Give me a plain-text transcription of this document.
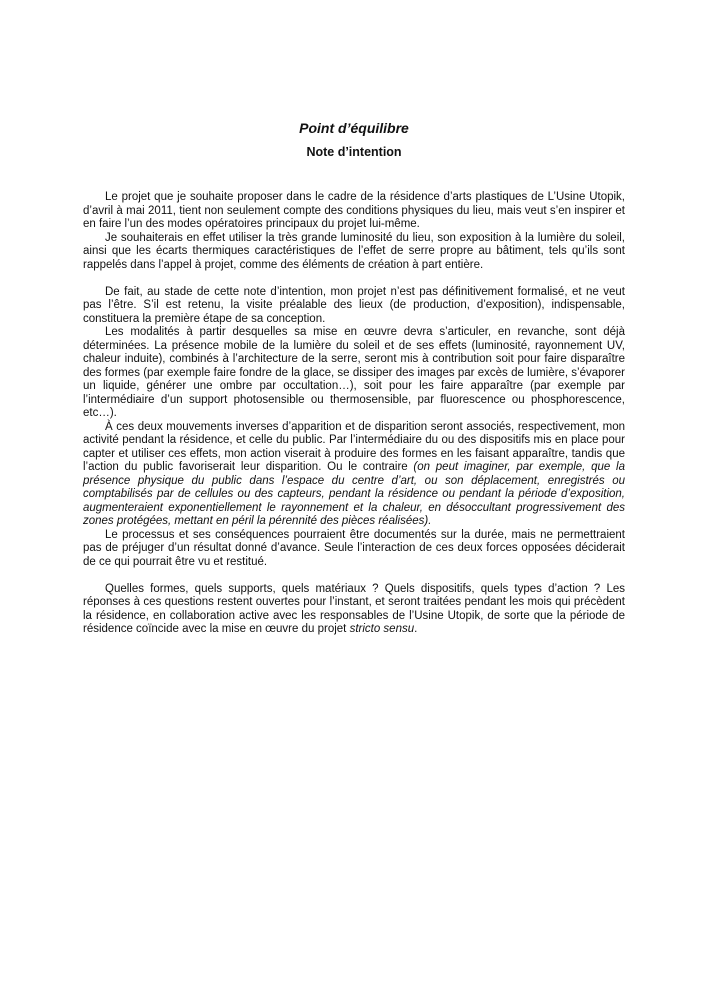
Point d’équilibre
Note d’intention

Le projet que je souhaite proposer dans le cadre de la résidence d’arts plastiques de L’Usine Utopik, d’avril à mai 2011, tient non seulement compte des conditions physiques du lieu, mais veut s’en inspirer et en faire l’un des modes opératoires principaux du projet lui-même.

Je souhaiterais en effet utiliser la très grande luminosité du lieu, son exposition à la lumière du soleil, ainsi que les écarts thermiques caractéristiques de l’effet de serre propre au bâtiment, tels qu’ils sont rappelés dans l’appel à projet, comme des éléments de création à part entière.

De fait, au stade de cette note d’intention, mon projet n’est pas définitivement formalisé, et ne veut pas l’être. S’il est retenu, la visite préalable des lieux (de production, d’exposition), indispensable, constituera la première étape de sa conception.

Les modalités à partir desquelles sa mise en œuvre devra s’articuler, en revanche, sont déjà déterminées. La présence mobile de la lumière du soleil et de ses effets (luminosité, rayonnement UV, chaleur induite), combinés à l’architecture de la serre, seront mis à contribution soit pour faire disparaître des formes (par exemple faire fondre de la glace, se dissiper des images par excès de lumière, s’évaporer un liquide, générer une ombre par occultation…), soit pour les faire apparaître (par exemple par l’intermédiaire d’un support photosensible ou thermosensible, par fluorescence ou phosphorescence, etc…).

À ces deux mouvements inverses d’apparition et de disparition seront associés, respectivement, mon activité pendant la résidence, et celle du public. Par l’intermédiaire du ou des dispositifs mis en place pour capter et utiliser ces effets, mon action viserait à produire des formes en les faisant apparaître, tandis que l’action du public favoriserait leur disparition. Ou le contraire (on peut imaginer, par exemple, que la présence physique du public dans l’espace du centre d’art, ou son déplacement, enregistrés ou comptabilisés par de cellules ou des capteurs, pendant la résidence ou pendant la période d’exposition, augmenteraient exponentiellement le rayonnement et la chaleur, en désoccultant progressivement des zones protégées, mettant en péril la pérennité des pièces réalisées).

Le processus et ses conséquences pourraient être documentés sur la durée, mais ne permettraient pas de préjuger d’un résultat donné d’avance. Seule l’interaction de ces deux forces opposées déciderait de ce qui pourrait être vu et restitué.

Quelles formes, quels supports, quels matériaux ? Quels dispositifs, quels types d’action ? Les réponses à ces questions restent ouvertes pour l’instant, et seront traitées pendant les mois qui précèdent la résidence, en collaboration active avec les responsables de l’Usine Utopik, de sorte que la période de résidence coïncide avec la mise en œuvre du projet stricto sensu.
